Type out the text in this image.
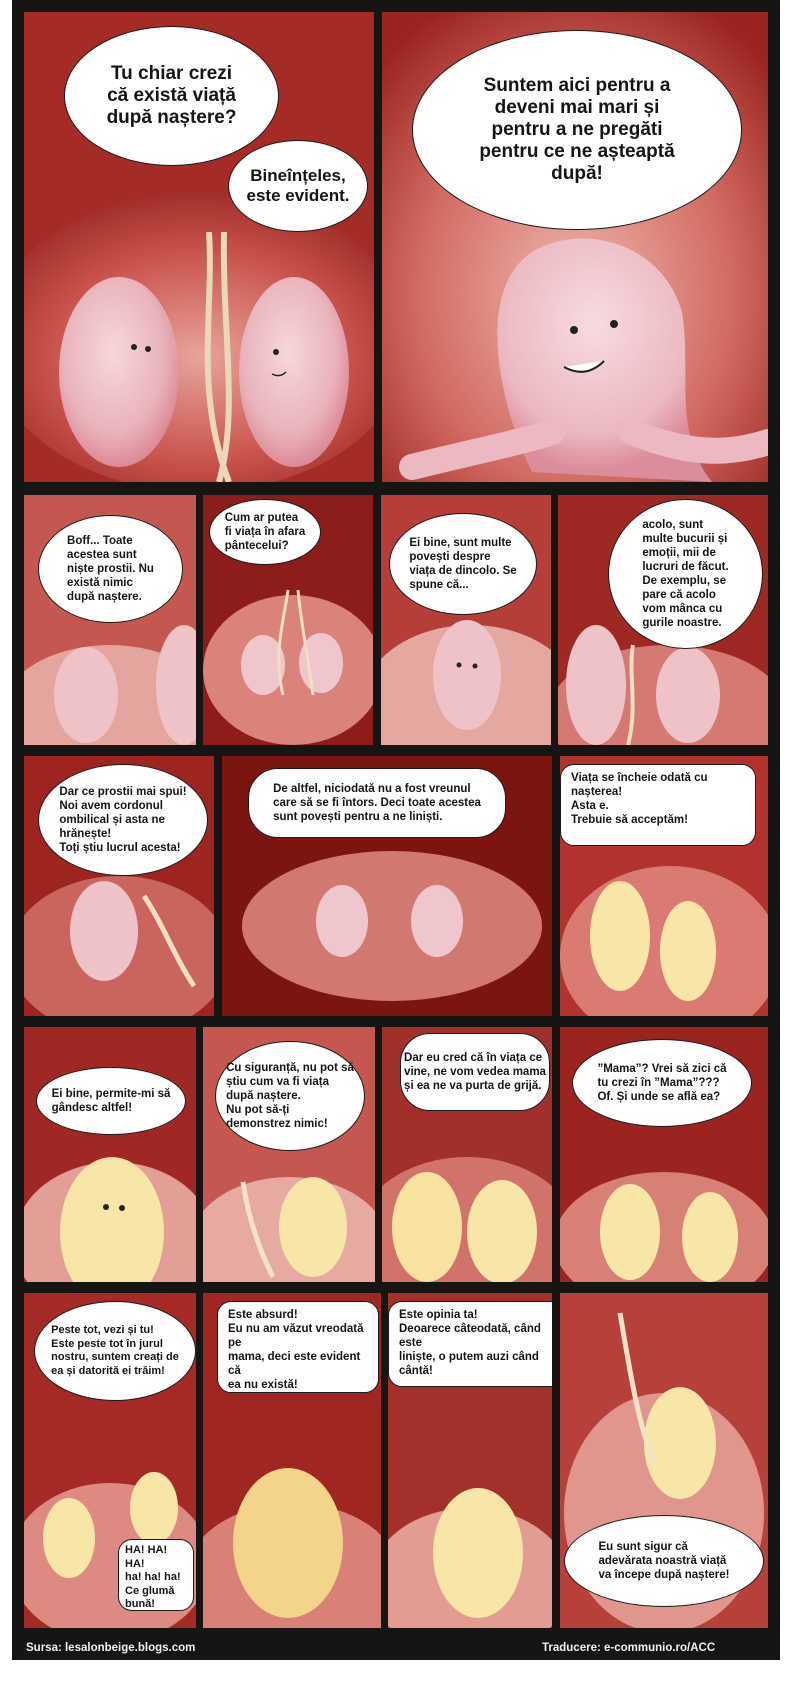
Tu chiar crezi
că există viață
după naștere?
Bineînțeles,
este evident.
Suntem aici pentru a
deveni mai mari și
pentru a ne pregăti
pentru ce ne așteaptă
după!
Boff... Toate
acestea sunt
niște prostii. Nu
există nimic
după naștere.
Cum ar putea
fi viața în afara
pântecelui?	Ei bine, sunt multe
povești despre
viața de dincolo. Se
spune că...
acolo, sunt
multe bucurii și
emoții, mii de
lucruri de făcut.
De exemplu, se
pare că acolo
vom mânca cu
gurile noastre.
Dar ce prostii mai spui!
Noi avem cordonul
ombilical și asta ne
hrănește!
Toți știu lucrul acesta!
De altfel, niciodată nu a fost vreunul
care să se fi întors. Deci toate acestea
sunt povești pentru a ne liniști.
Viața se încheie odată cu
nașterea!
Asta e.
Trebuie să acceptăm!
Ei bine, permite-mi să
gândesc altfel!
Cu siguranță, nu pot să
știu cum va fi viața
după naștere.
Nu pot să-ți
demonstrez nimic!
Dar eu cred că în viața ce
vine, ne vom vedea mama
și ea ne va purta de grijă.
”Mama”? Vrei să zici că
tu crezi în ”Mama”???
Of. Și unde se află ea?
Peste tot, vezi și tu!
Este peste tot în jurul
nostru, suntem creați de
ea și datorită ei trăim!
HA! HA! HA!
ha! ha! ha!
Ce glumă
bună!
Este absurd!
Eu nu am văzut vreodată pe
mama, deci este evident că
ea nu există!
Este opinia ta!
Deoarece câteodată, când este
liniște, o putem auzi când
cântă!
Eu sunt sigur că
adevărata noastră viață
va începe după naștere!
Sursa: lesalonbeige.blogs.com	Traducere: e-communio.ro/ACC
